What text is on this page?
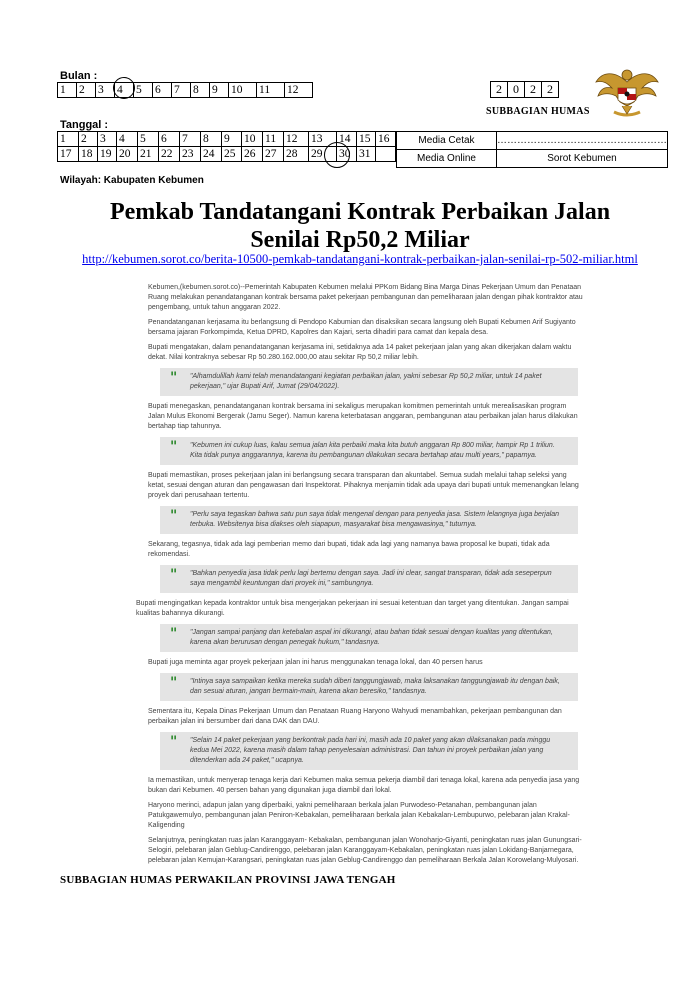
Bulan :
1	2	3	4	5	6	7	8	9	10	11	12
Tanggal :
1	2	3	4	5	6	7	8	9	10	11	12	13	14	15	16
17	18	19	20	21	22	23	24	25	26	27	28	29	30	31	
2	0	2	2
SUBBAGIAN HUMAS
Media Cetak	……………………………………………
Media Online	Sorot Kebumen
Wilayah: Kabupaten Kebumen
Pemkab Tandatangani Kontrak Perbaikan Jalan
Senilai Rp50,2 Miliar
http://kebumen.sorot.co/berita-10500-pemkab-tandatangani-kontrak-perbaikan-jalan-senilai-rp-502-miliar.html
Kebumen,(kebumen.sorot.co)--Pemerintah Kabupaten Kebumen melalui PPKom Bidang Bina Marga Dinas Pekerjaan Umum dan Penataan Ruang melakukan penandatanganan kontrak bersama paket pekerjaan pembangunan dan pemeliharaan jalan dengan pihak kontraktor atau pengembang, untuk tahun anggaran 2022.
Penandatanganan kerjasama itu berlangsung di Pendopo Kabumian dan disaksikan secara langsung oleh Bupati Kebumen Arif Sugiyanto bersama jajaran Forkompimda, Ketua DPRD, Kapolres dan Kajari, serta dihadiri para camat dan kepala desa.
Bupati mengatakan, dalam penandatanganan kerjasama ini, setidaknya ada 14 paket pekerjaan jalan yang akan dikerjakan dalam waktu dekat. Nilai kontraknya sebesar Rp 50.280.162.000,00 atau sekitar Rp 50,2 miliar lebih.
" "Alhamdulillah kami telah menandatangani kegiatan perbaikan jalan, yakni sebesar Rp 50,2 miliar, untuk 14 paket pekerjaan," ujar Bupati Arif, Jumat (29/04/2022).
Bupati menegaskan, penandatanganan kontrak bersama ini sekaligus merupakan komitmen pemerintah untuk merealisasikan program Jalan Mulus Ekonomi Bergerak (Jamu Seger). Namun karena keterbatasan anggaran, pembangunan atau perbaikan jalan harus dilakukan bertahap tiap tahunnya.
" "Kebumen ini cukup luas, kalau semua jalan kita perbaiki maka kita butuh anggaran Rp 800 miliar, hampir Rp 1 triliun. Kita tidak punya anggarannya, karena itu pembangunan dilakukan secara bertahap atau multi years," paparnya.
Bupati memastikan, proses pekerjaan jalan ini berlangsung secara transparan dan akuntabel. Semua sudah melalui tahap seleksi yang ketat, sesuai dengan aturan dan pengawasan dari Inspektorat. Pihaknya menjamin tidak ada upaya dari bupati untuk memenangkan lelang proyek dari perusahaan tertentu.
" "Perlu saya tegaskan bahwa satu pun saya tidak mengenal dengan para penyedia jasa. Sistem lelangnya juga berjalan terbuka. Websitenya bisa diakses oleh siapapun, masyarakat bisa mengawasinya," tuturnya.
Sekarang, tegasnya, tidak ada lagi pemberian memo dari bupati, tidak ada lagi yang namanya bawa proposal ke bupati, tidak ada rekomendasi.
" "Bahkan penyedia jasa tidak perlu lagi bertemu dengan saya. Jadi ini clear, sangat transparan, tidak ada seseperpun saya mengambil keuntungan dari proyek ini," sambungnya.
Bupati mengingatkan kepada kontraktor untuk bisa mengerjakan pekerjaan ini sesuai ketentuan dan target yang ditentukan. Jangan sampai kualitas bahannya dikurangi.
" "Jangan sampai panjang dan ketebalan aspal ini dikurangi, atau bahan tidak sesuai dengan kualitas yang ditentukan, karena akan berurusan dengan penegak hukum," tandasnya.
Bupati juga meminta agar proyek pekerjaan jalan ini harus menggunakan tenaga lokal, dan 40 persen harus
" "Intinya saya sampaikan ketika mereka sudah diberi tanggungjawab, maka laksanakan tanggungjawab itu dengan baik, dan sesuai aturan, jangan bermain-main, karena akan beresiko," tandasnya.
Sementara itu, Kepala Dinas Pekerjaan Umum dan Penataan Ruang Haryono Wahyudi menambahkan, pekerjaan pembangunan dan perbaikan jalan ini bersumber dari dana DAK dan DAU.
" "Selain 14 paket pekerjaan yang berkontrak pada hari ini, masih ada 10 paket yang akan dilaksanakan pada minggu kedua Mei 2022, karena masih dalam tahap penyelesaian administrasi. Dan tahun ini proyek perbaikan jalan yang ditenderkan ada 24 paket," ucapnya.
Ia memastikan, untuk menyerap tenaga kerja dari Kebumen maka semua pekerja diambil dari tenaga lokal, karena ada penyedia jasa yang bukan dari Kebumen. 40 persen bahan yang digunakan juga diambil dari lokal.
Haryono merinci, adapun jalan yang diperbaiki, yakni pemeliharaan berkala jalan Purwodeso-Petanahan, pembangunan jalan Patukgawemulyo, pembangunan jalan Peniron-Kebakalan, pemeliharaan berkala jalan Kebakalan-Lembupurwo, pelebaran jalan Krakal-Kaligending
Selanjutnya, peningkatan ruas jalan Karanggayam- Kebakalan, pembangunan jalan Wonoharjo-Giyanti, peningkatan ruas jalan Gunungsari-Selogiri, pelebaran jalan Geblug-Candirenggo, pelebaran jalan Karanggayam-Kebakalan, peningkatan ruas jalan Lokidang-Banjarnegara, pelebaran jalan Kemujan-Karangsari, peningkatan ruas jalan Geblug-Candirenggo dan pemeliharaan Berkala Jalan Korowelang-Mulyosari.
SUBBAGIAN HUMAS PERWAKILAN PROVINSI JAWA TENGAH
